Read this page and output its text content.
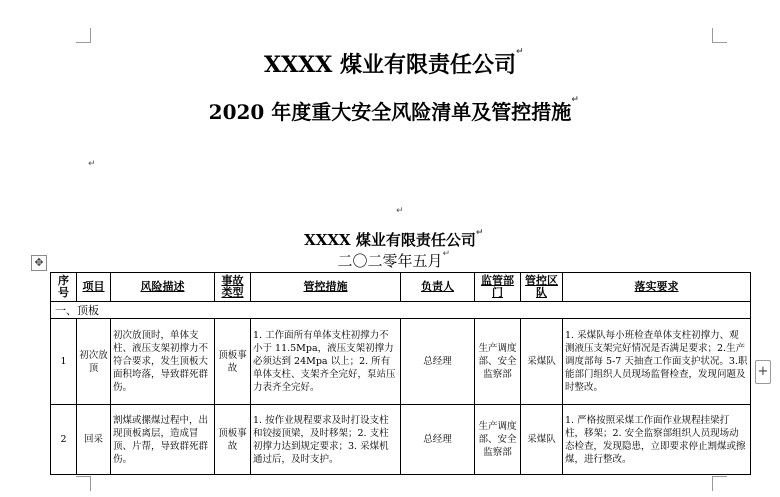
XXXX 煤业有限责任公司 ↵
2020 年度重大安全风险清单及管控措施 ↵
↵
↵
XXXX 煤业有限责任公司 ↵
二〇二零年五月 ↵
✥
+
序号	项目	风险描述	事故类型	管控措施	负责人	监管部门	管控区队	落实要求
一、顶板								
1	初次放顶	初次放顶时，单体支柱、液压支架初撑力不符合要求，发生顶板大面积垮落，导致群死群伤。	顶板事故	1. 工作面所有单体支柱初撑力不小于 11.5Mpa，液压支架初撑力必须达到 24Mpa 以上；2. 所有单体支柱、支架齐全完好，泵站压力表齐全完好。	总经理	生产调度部、安全监察部	采煤队	1. 采煤队每小班检查单体支柱初撑力、观测液压支架完好情况是否满足要求；2.生产调度部每 5-7 天抽查工作面支护状况。3.职能部门组织人员现场监督检查，发现问题及时整改。
2	回采	割煤或摞煤过程中，出现顶板离层，造成冒顶、片帮，导致群死群伤。	顶板事故	1. 按作业规程要求及时打设支柱和铰接顶梁，及时移架；2. 支柱初撑力达到规定要求；3. 采煤机通过后，及时支护。	总经理	生产调度部、安全监察部	采煤队	1. 严格按照采煤工作面作业规程挂梁打柱，移架；2. 安全监察部组织人员现场动态检查，发现隐患，立即要求停止割煤或擦煤，进行整改。
